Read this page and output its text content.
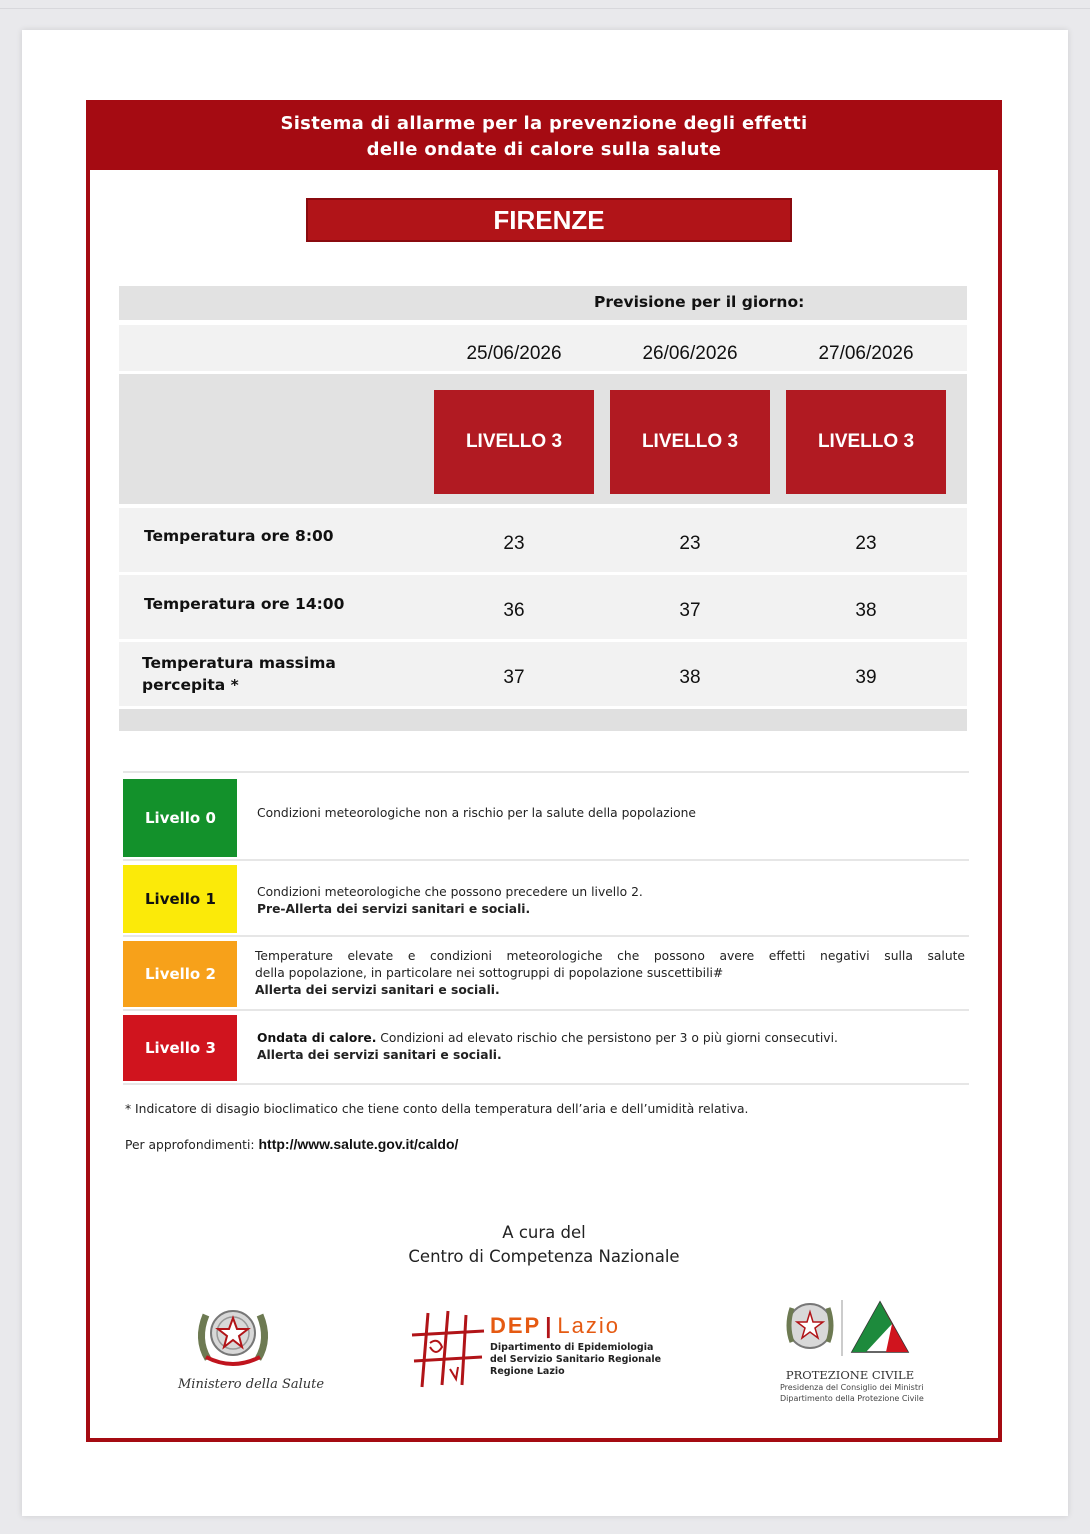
Sistema di allarme per la prevenzione degli effetti
delle ondate di calore sulla salute
FIRENZE
Previsione per il giorno:
25/06/2026	26/06/2026	27/06/2026
LIVELLO 3	LIVELLO 3	LIVELLO 3
Temperatura ore 8:00	23	23	23
Temperatura ore 14:00	36	37	38
Temperatura massima
percepita *	37	38	39
Livello 0	Condizioni meteorologiche non a rischio per la salute della popolazione
Livello 1	Condizioni meteorologiche che possono precedere un livello 2.
Pre-Allerta dei servizi sanitari e sociali.
Livello 2
Temperature elevate e condizioni meteorologiche che possono avere effetti negativi sulla salute
della popolazione, in particolare nei sottogruppi di popolazione suscettibili#
Allerta dei servizi sanitari e sociali.
Livello 3
Ondata di calore. Condizioni ad elevato rischio che persistono per 3 o più giorni consecutivi.
Allerta dei servizi sanitari e sociali.
* Indicatore di disagio bioclimatico che tiene conto della temperatura dell’aria e dell’umidità relativa.
Per approfondimenti: http://www.salute.gov.it/caldo/
A cura del
Centro di Competenza Nazionale
Ministero della Salute
DEP | Lazio
Dipartimento di Epidemiologia
del Servizio Sanitario Regionale
Regione Lazio	PROTEZIONE CIVILE
Presidenza del Consiglio dei Ministri
Dipartimento della Protezione Civile
